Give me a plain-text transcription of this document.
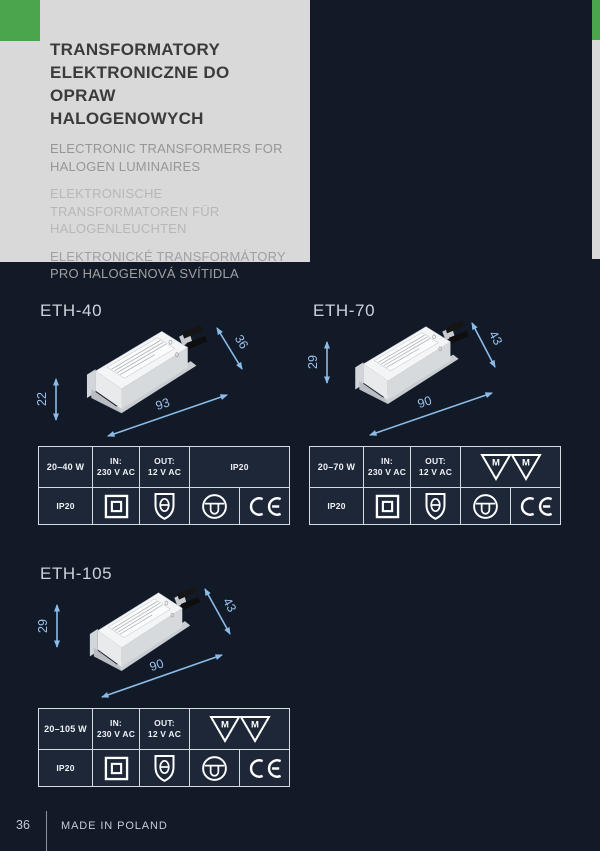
TRANSFORMATORY
ELEKTRONICZNE DO OPRAW
HALOGENOWYCH
ELECTRONIC TRANSFORMERS FOR
HALOGEN LUMINAIRES
ELEKTRONISCHE
TRANSFORMATOREN FÜR
HALOGENLEUCHTEN
ELEKTRONICKÉ TRANSFORMÁTORY
PRO HALOGENOVÁ SVÍTIDLA
ETH-40
22	93
36
ETH-70
29
90
43
ETH-105
29
90
43
20–40 W
IN:
230 V AC
OUT:
12 V AC
IP20
IP20
20–70 W
IN:
230 V AC
OUT:
12 V AC
M M
IP20
20–105 W
IN:
230 V AC
OUT:
12 V AC
M M
IP20
36	MADE IN POLAND
